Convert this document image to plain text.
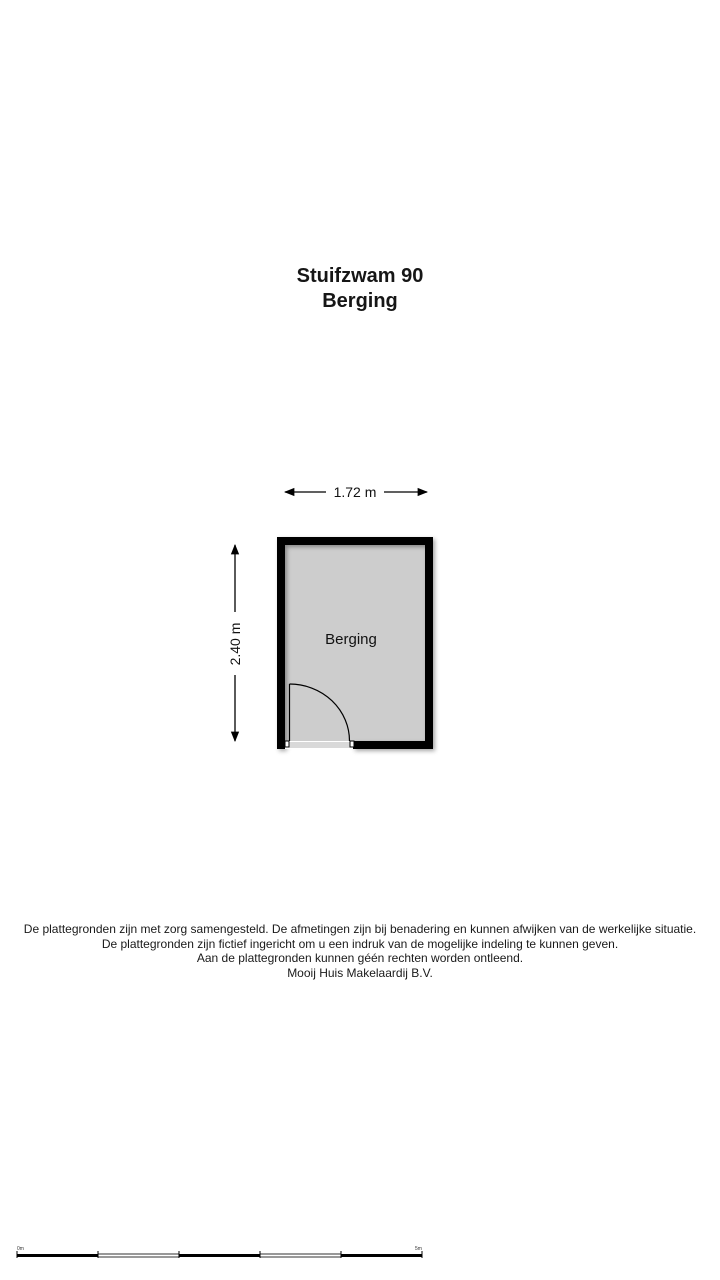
Stuifzwam 90
Berging
1.72 m
2.40 m	Berging
De plattegronden zijn met zorg samengesteld. De afmetingen zijn bij benadering en kunnen afwijken van de werkelijke situatie.
De plattegronden zijn fictief ingericht om u een indruk van de mogelijke indeling te kunnen geven.
Aan de plattegronden kunnen géén rechten worden ontleend.
Mooij Huis Makelaardij B.V.
0m	5m
